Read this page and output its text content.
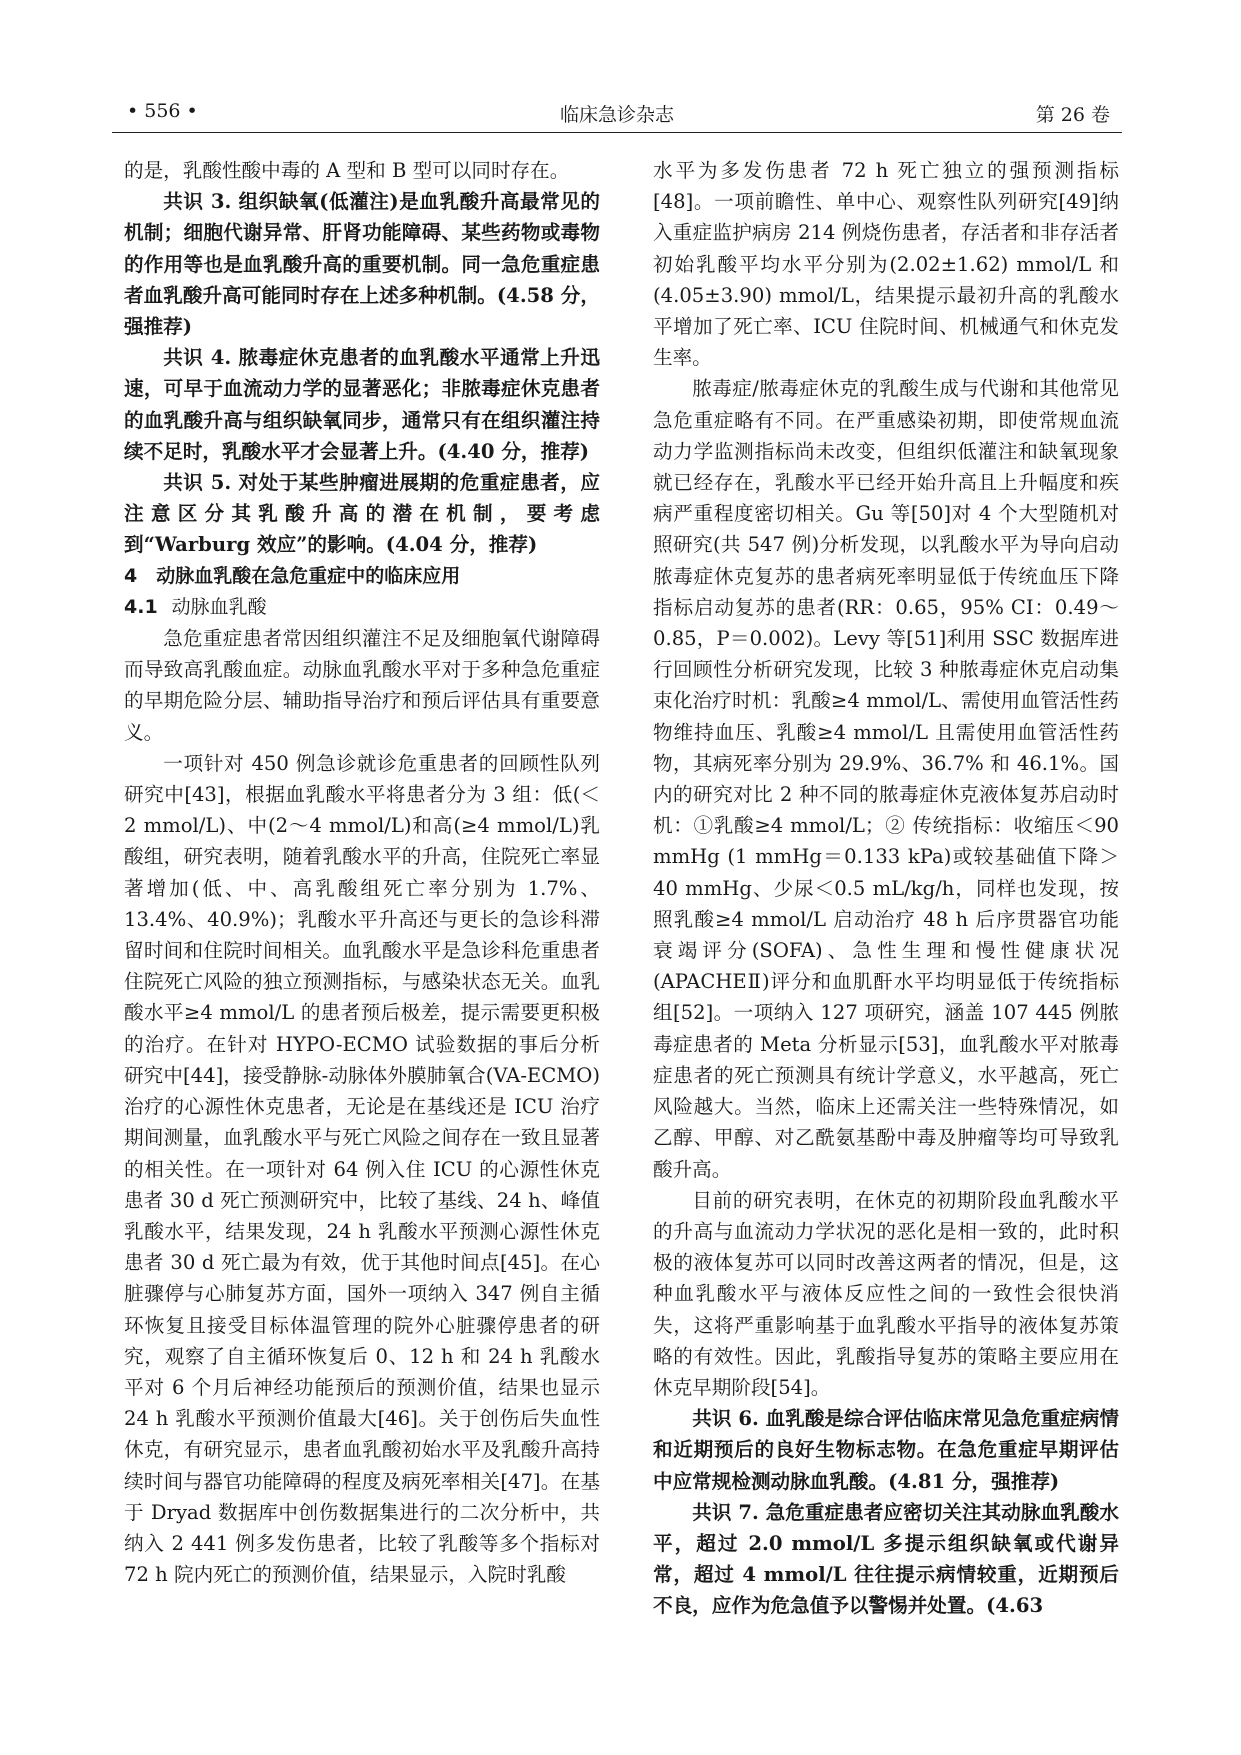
• 556 •	临床急诊杂志	第 26 卷

的是，乳酸性酸中毒的 A 型和 B 型可以同时存在。

共识 3. 组织缺氧(低灌注)是血乳酸升高最常见的机制；细胞代谢异常、肝肾功能障碍、某些药物或毒物的作用等也是血乳酸升高的重要机制。同一急危重症患者血乳酸升高可能同时存在上述多种机制。(4.58 分，强推荐)

共识 4. 脓毒症休克患者的血乳酸水平通常上升迅速，可早于血流动力学的显著恶化；非脓毒症休克患者的血乳酸升高与组织缺氧同步，通常只有在组织灌注持续不足时，乳酸水平才会显著上升。(4.40 分，推荐)

共识 5. 对处于某些肿瘤进展期的危重症患者，应注意区分其乳酸升高的潜在机制，要考虑到“Warburg 效应”的影响。(4.04 分，推荐)

4　动脉血乳酸在急危重症中的临床应用

4.1 动脉血乳酸

急危重症患者常因组织灌注不足及细胞氧代谢障碍而导致高乳酸血症。动脉血乳酸水平对于多种急危重症的早期危险分层、辅助指导治疗和预后评估具有重要意义。

一项针对 450 例急诊就诊危重患者的回顾性队列研究中[43]，根据血乳酸水平将患者分为 3 组：低(＜2 mmol/L)、中(2～4 mmol/L)和高(≥4 mmol/L)乳酸组，研究表明，随着乳酸水平的升高，住院死亡率显著增加(低、中、高乳酸组死亡率分别为 1.7%、13.4%、40.9%)；乳酸水平升高还与更长的急诊科滞留时间和住院时间相关。血乳酸水平是急诊科危重患者住院死亡风险的独立预测指标，与感染状态无关。血乳酸水平≥4 mmol/L 的患者预后极差，提示需要更积极的治疗。在针对 HYPO-ECMO 试验数据的事后分析研究中[44]，接受静脉-动脉体外膜肺氧合(VA-ECMO)治疗的心源性休克患者，无论是在基线还是 ICU 治疗期间测量，血乳酸水平与死亡风险之间存在一致且显著的相关性。在一项针对 64 例入住 ICU 的心源性休克患者 30 d 死亡预测研究中，比较了基线、24 h、峰值乳酸水平，结果发现，24 h 乳酸水平预测心源性休克患者 30 d 死亡最为有效，优于其他时间点[45]。在心脏骤停与心肺复苏方面，国外一项纳入 347 例自主循环恢复且接受目标体温管理的院外心脏骤停患者的研究，观察了自主循环恢复后 0、12 h 和 24 h 乳酸水平对 6 个月后神经功能预后的预测价值，结果也显示 24 h 乳酸水平预测价值最大[46]。关于创伤后失血性休克，有研究显示，患者血乳酸初始水平及乳酸升高持续时间与器官功能障碍的程度及病死率相关[47]。在基于 Dryad 数据库中创伤数据集进行的二次分析中，共纳入 2 441 例多发伤患者，比较了乳酸等多个指标对 72 h 院内死亡的预测价值，结果显示，入院时乳酸

水平为多发伤患者 72 h 死亡独立的强预测指标[48]。一项前瞻性、单中心、观察性队列研究[49]纳入重症监护病房 214 例烧伤患者，存活者和非存活者初始乳酸平均水平分别为(2.02±1.62) mmol/L 和(4.05±3.90) mmol/L，结果提示最初升高的乳酸水平增加了死亡率、ICU 住院时间、机械通气和休克发生率。

脓毒症/脓毒症休克的乳酸生成与代谢和其他常见急危重症略有不同。在严重感染初期，即使常规血流动力学监测指标尚未改变，但组织低灌注和缺氧现象就已经存在，乳酸水平已经开始升高且上升幅度和疾病严重程度密切相关。Gu 等[50]对 4 个大型随机对照研究(共 547 例)分析发现，以乳酸水平为导向启动脓毒症休克复苏的患者病死率明显低于传统血压下降指标启动复苏的患者(RR：0.65，95% CI：0.49～0.85，P＝0.002)。Levy 等[51]利用 SSC 数据库进行回顾性分析研究发现，比较 3 种脓毒症休克启动集束化治疗时机：乳酸≥4 mmol/L、需使用血管活性药物维持血压、乳酸≥4 mmol/L 且需使用血管活性药物，其病死率分别为 29.9%、36.7% 和 46.1%。国内的研究对比 2 种不同的脓毒症休克液体复苏启动时机：①乳酸≥4 mmol/L；② 传统指标：收缩压＜90 mmHg (1 mmHg＝0.133 kPa)或较基础值下降＞40 mmHg、少尿＜0.5 mL/kg/h，同样也发现，按照乳酸≥4 mmol/L 启动治疗 48 h 后序贯器官功能衰竭评分(SOFA)、急性生理和慢性健康状况(APACHEⅡ)评分和血肌酐水平均明显低于传统指标组[52]。一项纳入 127 项研究，涵盖 107 445 例脓毒症患者的 Meta 分析显示[53]，血乳酸水平对脓毒症患者的死亡预测具有统计学意义，水平越高，死亡风险越大。当然，临床上还需关注一些特殊情况，如乙醇、甲醇、对乙酰氨基酚中毒及肿瘤等均可导致乳酸升高。

目前的研究表明，在休克的初期阶段血乳酸水平的升高与血流动力学状况的恶化是相一致的，此时积极的液体复苏可以同时改善这两者的情况，但是，这种血乳酸水平与液体反应性之间的一致性会很快消失，这将严重影响基于血乳酸水平指导的液体复苏策略的有效性。因此，乳酸指导复苏的策略主要应用在休克早期阶段[54]。

共识 6. 血乳酸是综合评估临床常见急危重症病情和近期预后的良好生物标志物。在急危重症早期评估中应常规检测动脉血乳酸。(4.81 分，强推荐)

共识 7. 急危重症患者应密切关注其动脉血乳酸水平，超过 2.0 mmol/L 多提示组织缺氧或代谢异常，超过 4 mmol/L 往往提示病情较重，近期预后不良，应作为危急值予以警惕并处置。(4.63
